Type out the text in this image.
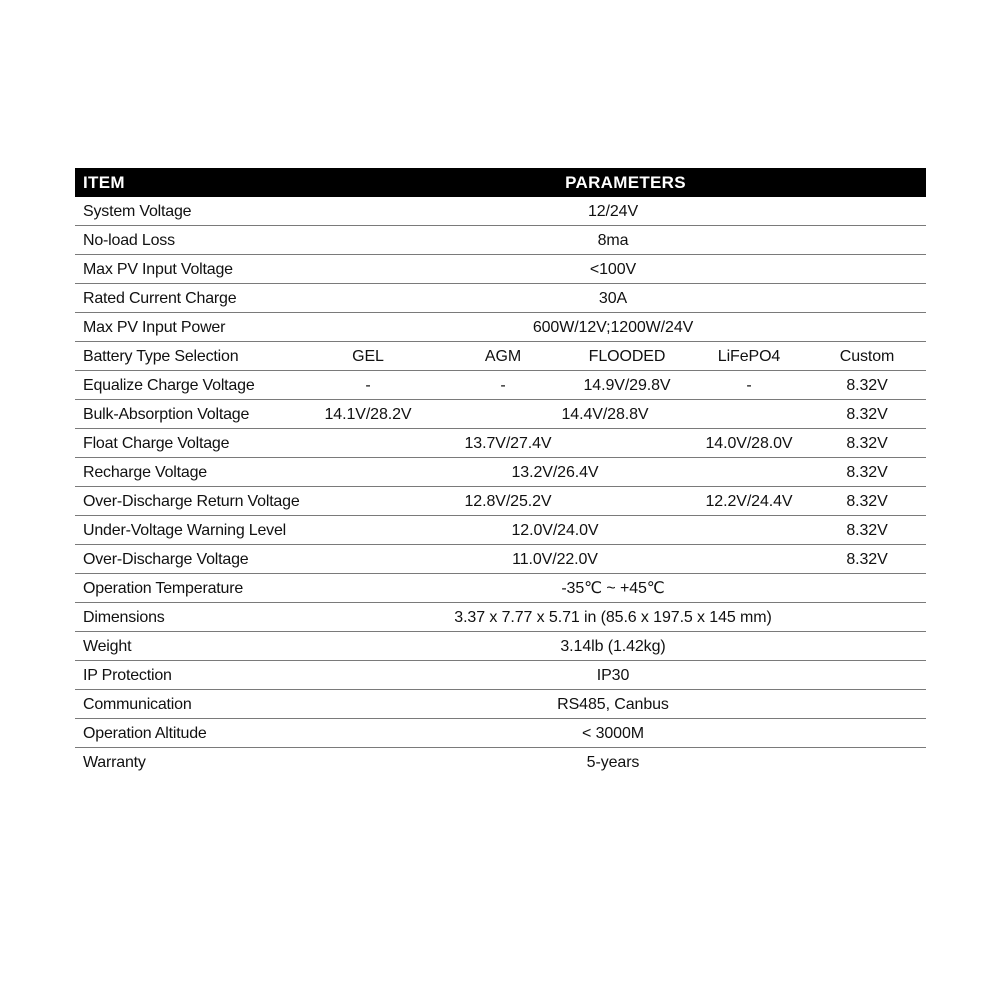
ITEM	PARAMETERS
System Voltage	12/24V
No-load Loss	8ma
Max PV Input Voltage	<100V
Rated Current Charge	30A
Max PV Input Power	600W/12V;1200W/24V
Battery Type Selection	GEL	AGM	FLOODED	LiFePO4	Custom
Equalize Charge Voltage	-	-	14.9V/29.8V	-	8.32V
Bulk-Absorption Voltage	14.1V/28.2V	14.4V/28.8V	8.32V
Float Charge Voltage	13.7V/27.4V	14.0V/28.0V	8.32V
Recharge Voltage	13.2V/26.4V	8.32V
Over-Discharge Return Voltage	12.8V/25.2V	12.2V/24.4V	8.32V
Under-Voltage Warning Level	12.0V/24.0V	8.32V
Over-Discharge Voltage	11.0V/22.0V	8.32V
Operation Temperature	-35℃ ~ +45℃
Dimensions	3.37 x 7.77 x 5.71 in (85.6 x 197.5 x 145 mm)
Weight	3.14lb (1.42kg)
IP Protection	IP30
Communication	RS485, Canbus
Operation Altitude	< 3000M
Warranty	5-years
